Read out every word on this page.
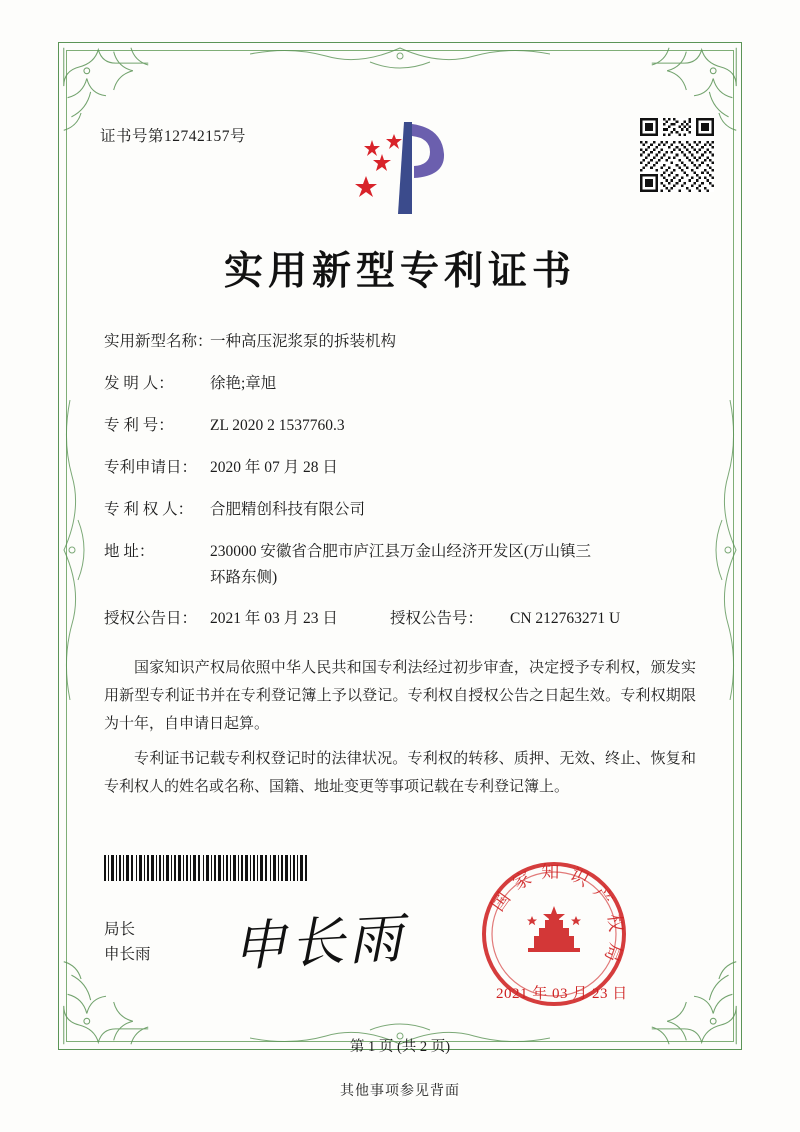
证书号第12742157号
实用新型专利证书
实用新型名称：
一种高压泥浆泵的拆装机构
发 明 人：	徐艳;章旭
专 利 号：	ZL 2020 2 1537760.3
专利申请日： 2020 年 07 月 28 日
专 利 权 人：	合肥精创科技有限公司
地 址：	230000 安徽省合肥市庐江县万金山经济开发区(万山镇三
环路东侧)
授权公告日： 2021 年 03 月 23 日	授权公告号：	CN 212763271 U

国家知识产权局依照中华人民共和国专利法经过初步审查，决定授予专利权，颁发实用新型专利证书并在专利登记簿上予以登记。专利权自授权公告之日起生效。专利权期限为十年，自申请日起算。

专利证书记载专利权登记时的法律状况。专利权的转移、质押、无效、终止、恢复和专利权人的姓名或名称、国籍、地址变更等事项记载在专利登记簿上。

局长
申长雨 申长雨
国家知识产权局
2021 年 03 月 23 日
第 1 页 (共 2 页)
其他事项参见背面
